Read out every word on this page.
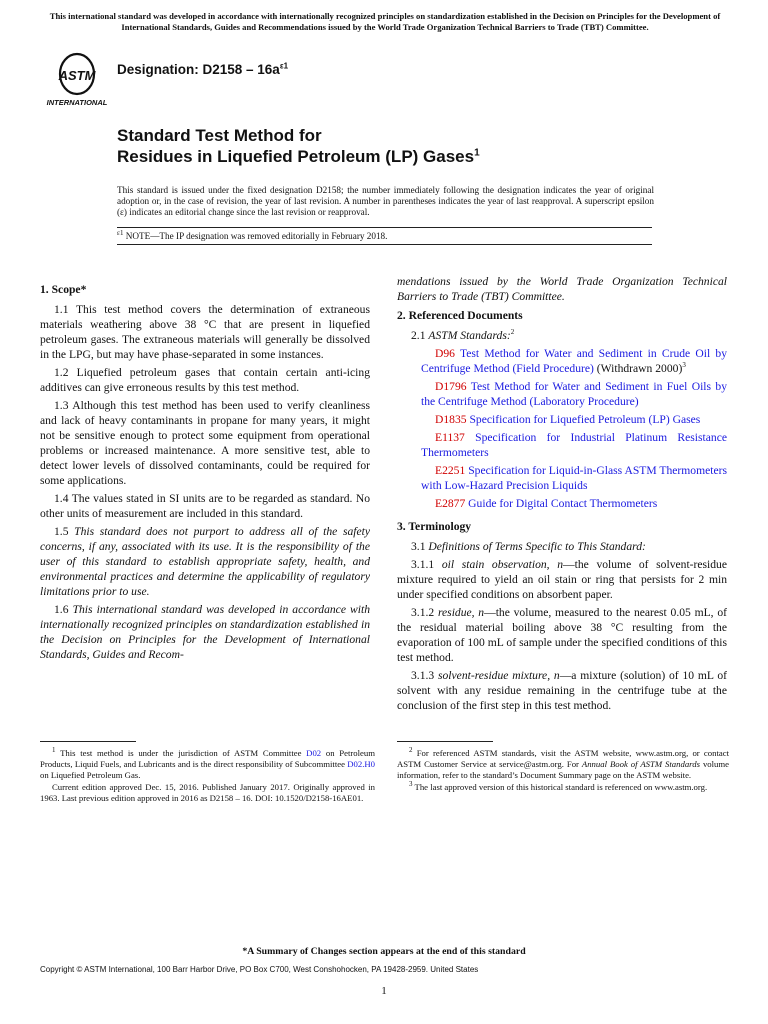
This international standard was developed in accordance with internationally recognized principles on standardization established in the Decision on Principles for the Development of International Standards, Guides and Recommendations issued by the World Trade Organization Technical Barriers to Trade (TBT) Committee.
ASTM
INTERNATIONAL
Designation: $D2158 - 16a^{\varepsilon 1}$
Standard Test Method for
Residues in Liquefied Petroleum (LP) Gases$^1$
This standard is issued under the fixed designation D2158; the number immediately following the designation indicates the year of original adoption or, in the case of revision, the year of last revision. A number in parentheses indicates the year of last reapproval. A superscript epsilon (ε) indicates an editorial change since the last revision or reapproval.
$^{\varepsilon 1}$ NOTE—The IP designation was removed editorially in February 2018.
1. Scope*

1.1 This test method covers the determination of extraneous materials weathering above 38 °C that are present in liquefied petroleum gases. The extraneous materials will generally be dissolved in the LPG, but may have phase-separated in some instances.

1.2 Liquefied petroleum gases that contain certain anti-icing additives can give erroneous results by this test method.

1.3 Although this test method has been used to verify cleanliness and lack of heavy contaminants in propane for many years, it might not be sensitive enough to protect some equipment from operational problems or increased maintenance. A more sensitive test, able to detect lower levels of dissolved contaminants, could be required for some applications.

1.4 The values stated in SI units are to be regarded as standard. No other units of measurement are included in this standard.

1.5 This standard does not purport to address all of the safety concerns, if any, associated with its use. It is the responsibility of the user of this standard to establish appropriate safety, health, and environmental practices and determine the applicability of regulatory limitations prior to use.

1.6 This international standard was developed in accordance with internationally recognized principles on standardization established in the Decision on Principles for the Development of International Standards, Guides and Recom-

mendations issued by the World Trade Organization Technical Barriers to Trade (TBT) Committee.

2. Referenced Documents

2.1 ASTM Standards:$^2$

D96 Test Method for Water and Sediment in Crude Oil by Centrifuge Method (Field Procedure) (Withdrawn 2000)$^3$

D1796 Test Method for Water and Sediment in Fuel Oils by the Centrifuge Method (Laboratory Procedure)

D1835 Specification for Liquefied Petroleum (LP) Gases

E1137 Specification for Industrial Platinum Resistance Thermometers

E2251 Specification for Liquid-in-Glass ASTM Thermometers with Low-Hazard Precision Liquids

E2877 Guide for Digital Contact Thermometers

3. Terminology

3.1 Definitions of Terms Specific to This Standard:

3.1.1 oil stain observation, n—the volume of solvent-residue mixture required to yield an oil stain or ring that persists for 2 min under specified conditions on absorbent paper.

3.1.2 residue, n—the volume, measured to the nearest 0.05 mL, of the residual material boiling above 38 °C resulting from the evaporation of 100 mL of sample under the specified conditions of this test method.

3.1.3 solvent-residue mixture, n—a mixture (solution) of 10 mL of solvent with any residue remaining in the centrifuge tube at the conclusion of the first step in this test method.

$^1$ This test method is under the jurisdiction of ASTM Committee D02 on Petroleum Products, Liquid Fuels, and Lubricants and is the direct responsibility of Subcommittee D02.H0 on Liquefied Petroleum Gas.

Current edition approved Dec. 15, 2016. Published January 2017. Originally approved in 1963. Last previous edition approved in 2016 as D2158 – 16. DOI: 10.1520/D2158-16AE01.

$^2$ For referenced ASTM standards, visit the ASTM website, www.astm.org, or contact ASTM Customer Service at service@astm.org. For Annual Book of ASTM Standards volume information, refer to the standard’s Document Summary page on the ASTM website.

$^3$ The last approved version of this historical standard is referenced on www.astm.org.

*A Summary of Changes section appears at the end of this standard
Copyright © ASTM International, 100 Barr Harbor Drive, PO Box C700, West Conshohocken, PA 19428-2959. United States
1
